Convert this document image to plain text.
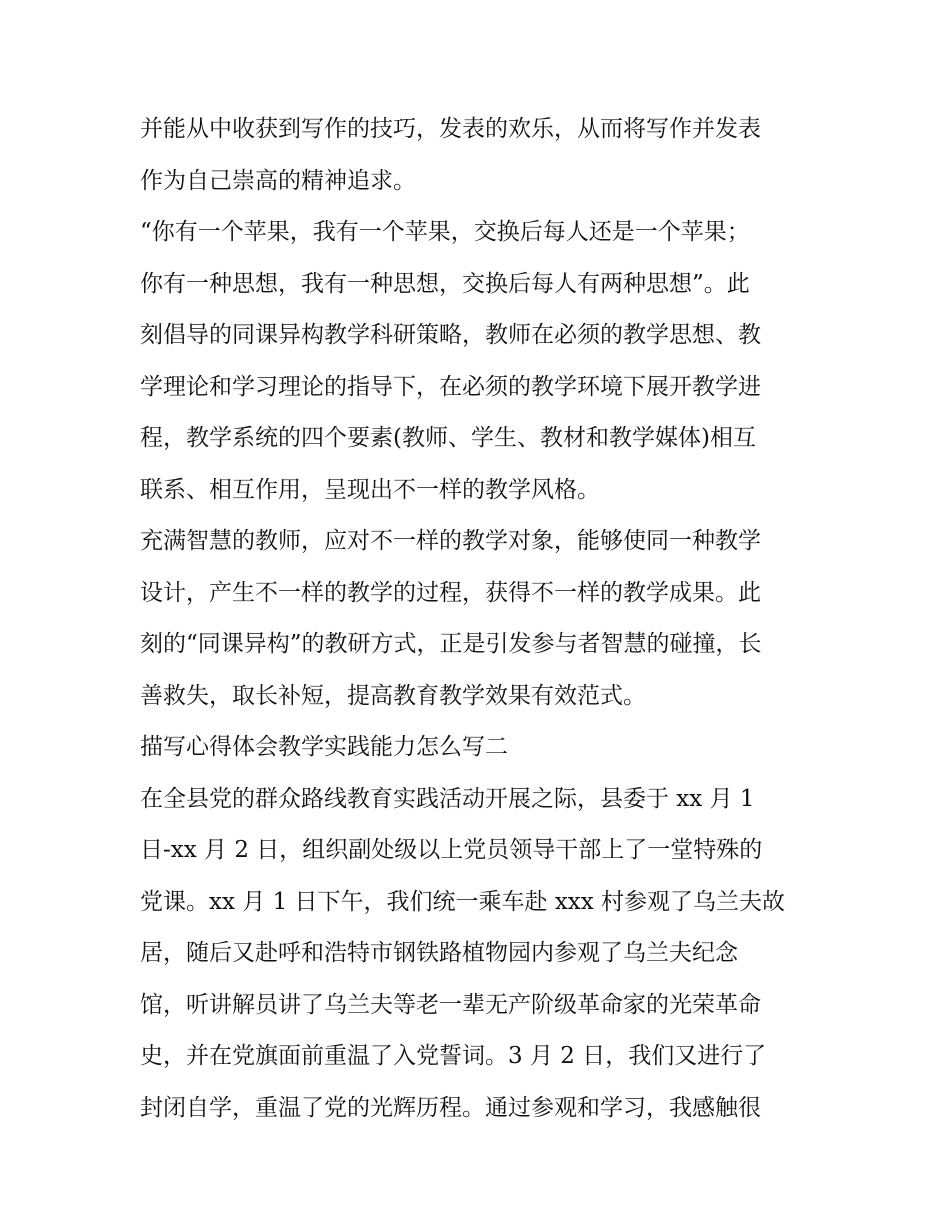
并能从中收获到写作的技巧，发表的欢乐，从而将写作并发表
作为自己崇高的精神追求。
“你有一个苹果，我有一个苹果，交换后每人还是一个苹果；
你有一种思想，我有一种思想，交换后每人有两种思想”。此
刻倡导的同课异构教学科研策略，教师在必须的教学思想、教
学理论和学习理论的指导下，在必须的教学环境下展开教学进
程，教学系统的四个要素(教师、学生、教材和教学媒体)相互
联系、相互作用，呈现出不一样的教学风格。
充满智慧的教师，应对不一样的教学对象，能够使同一种教学
设计，产生不一样的教学的过程，获得不一样的教学成果。此
刻的“同课异构”的教研方式，正是引发参与者智慧的碰撞，长
善救失，取长补短，提高教育教学效果有效范式。
描写心得体会教学实践能力怎么写二
在全县党的群众路线教育实践活动开展之际，县委于 xx 月 1
日-xx 月 2 日，组织副处级以上党员领导干部上了一堂特殊的
党课。xx 月 1 日下午，我们统一乘车赴 xxx 村参观了乌兰夫故
居，随后又赴呼和浩特市钢铁路植物园内参观了乌兰夫纪念
馆，听讲解员讲了乌兰夫等老一辈无产阶级革命家的光荣革命
史，并在党旗面前重温了入党誓词。3 月 2 日，我们又进行了
封闭自学，重温了党的光辉历程。通过参观和学习，我感触很
